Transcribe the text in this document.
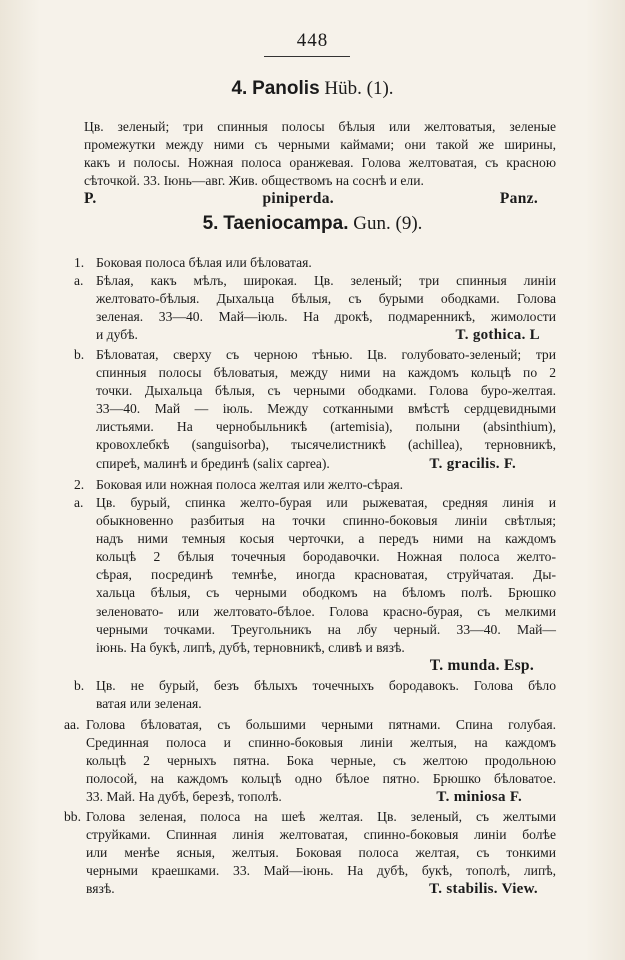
448
4. Panolis Hüb. (1).
Цв. зеленый; три спинныя полосы бѣлыя или желтоватыя, зеленые
промежутки между ними съ черными каймами; они такой же ширины,
какъ и полосы. Ножная полоса оранжевая. Голова желтоватая, съ красною
сѣточкой. 33. Іюнь—авг. Жив. обществомъ на соснѣ и ели.
P. piniperda. Panz.
5. Taeniocampa. Gun. (9).
1. Боковая полоса бѣлая или бѣловатая.
a. Бѣлая, какъ мѣлъ, широкая. Цв. зеленый; три спинныя линіи
желтовато-бѣлыя. Дыхальца бѣлыя, съ бурыми ободками. Голова
зеленая. 33—40. Май—іюль. На дрокѣ, подмаренникѣ, жимолости
и дубѣ.	T. gothica. L
b. Бѣловатая, сверху съ черною тѣнью. Цв. голубовато-зеленый; три
спинныя полосы бѣловатыя, между ними на каждомъ кольцѣ по 2
точки. Дыхальца бѣлыя, съ черными ободками. Голова буро-желтая.
33—40. Май — іюль. Между сотканными вмѣстѣ сердцевидными
листьями. На чернобыльникѣ (artemisia), полыни (absinthium),
кровохлебкѣ (sanguisorba), тысячелистникѣ (achillea), терновникѣ,
спиреѣ, малинѣ и брединѣ (salix caprea).	T. gracilis. F.
2. Боковая или ножная полоса желтая или желто-сѣрая.
a. Цв. бурый, спинка желто-бурая или рыжеватая, средняя линія и
обыкновенно разбитыя на точки спинно-боковыя линіи свѣтлыя;
надъ ними темныя косыя черточки, а передъ ними на каждомъ
кольцѣ 2 бѣлыя точечныя бородавочки. Ножная полоса желто-
сѣрая, посрединѣ темнѣе, иногда красноватая, струйчатая. Ды-
хальца бѣлыя, съ черными ободкомъ на бѣломъ полѣ. Брюшко
зеленовато- или желтовато-бѣлое. Голова красно-бурая, съ мелкими
черными точками. Треугольникъ на лбу черный. 33—40. Май—
іюнь. На букѣ, липѣ, дубѣ, терновникѣ, сливѣ и вязѣ.
T. munda. Esp.
b. Цв. не бурый, безъ бѣлыхъ точечныхъ бородавокъ. Голова бѣло
ватая или зеленая.
aa. Голова бѣловатая, съ большими черными пятнами. Спина голубая.
Срединная полоса и спинно-боковыя линіи желтыя, на каждомъ
кольцѣ 2 черныхъ пятна. Бока черные, съ желтою продольною
полосой, на каждомъ кольцѣ одно бѣлое пятно. Брюшко бѣловатое.
33. Май. На дубѣ, березѣ, тополѣ.	T. miniosa F.
bb. Голова зеленая, полоса на шеѣ желтая. Цв. зеленый, съ желтыми
струйками. Спинная линія желтоватая, спинно-боковыя линіи болѣе
или менѣе ясныя, желтыя. Боковая полоса желтая, съ тонкими
черными краешками. 33. Май—іюнь. На дубѣ, букѣ, тополѣ, липѣ,
вязѣ.	T. stabilis. View.
